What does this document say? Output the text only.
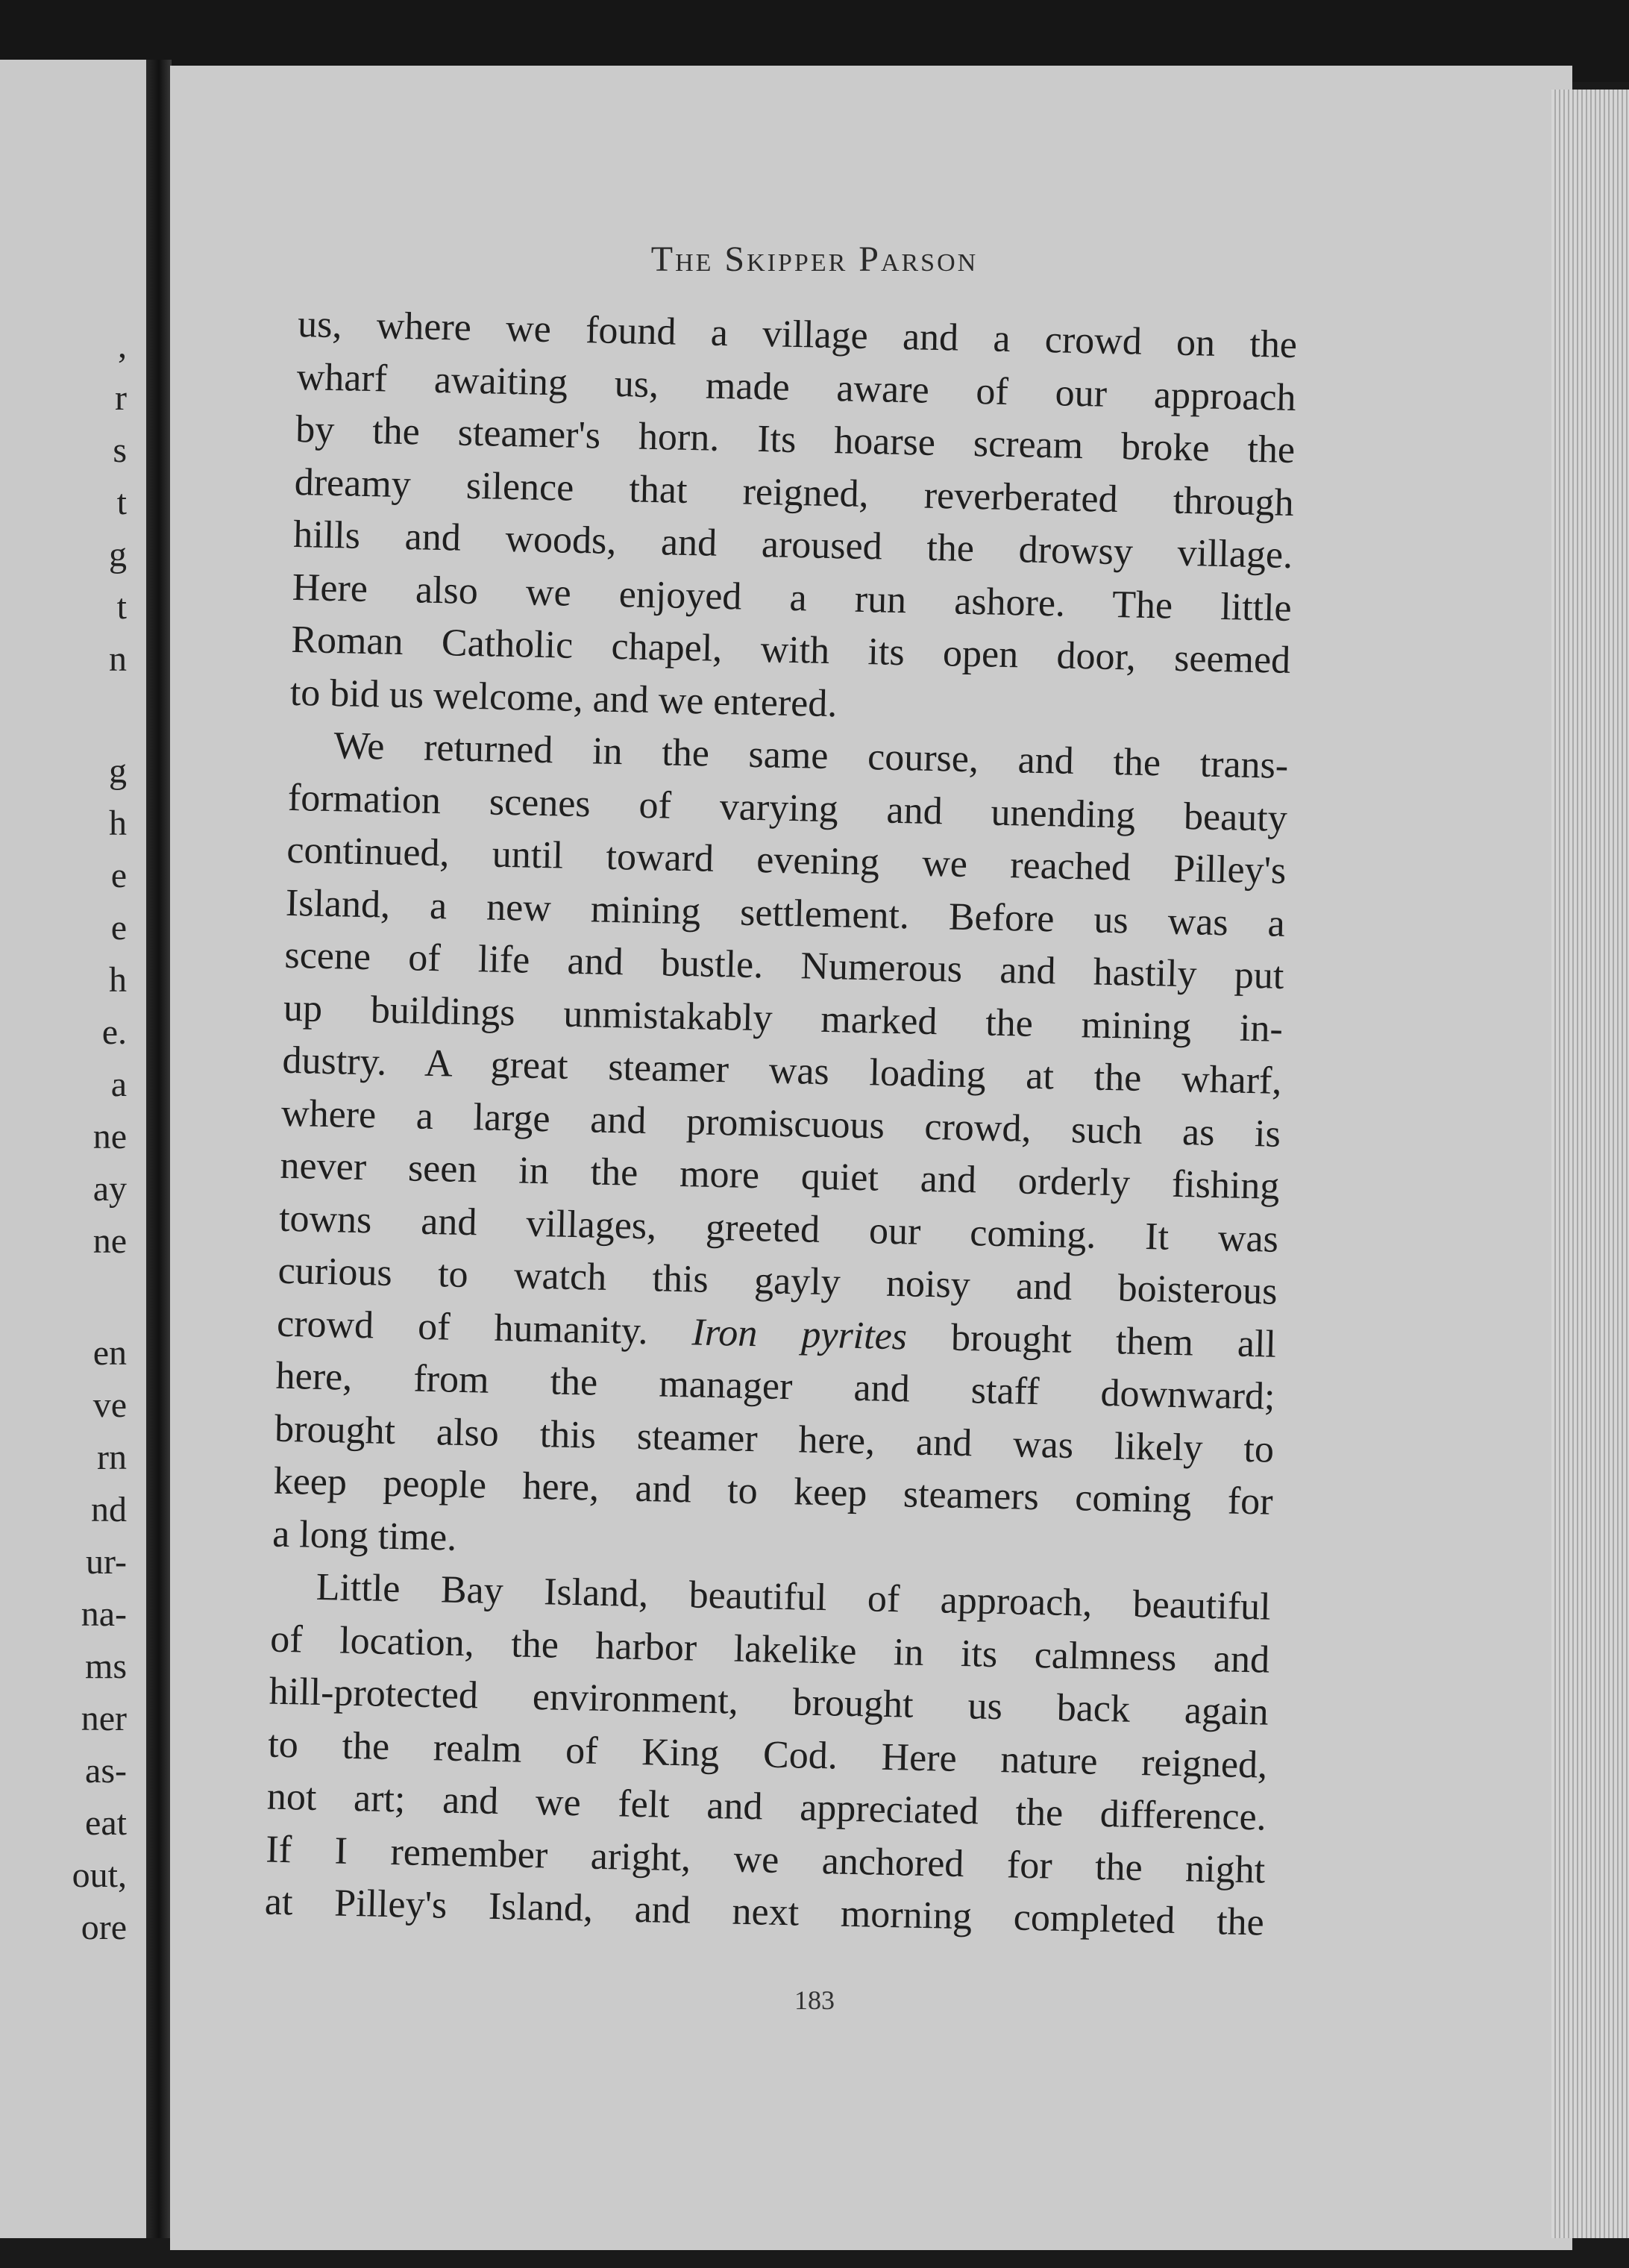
,
r
s
t
g
t
n
g
h
e
e
h
e.
a
ne
ay
ne
en
ve
rn
nd
ur-
na-
ms
ner
as-
eat
out,
ore
The Skipper Parson
us, where we found a village and a crowd on the
wharf awaiting us, made aware of our approach
by the steamer's horn. Its hoarse scream broke the
dreamy silence that reigned, reverberated through
hills and woods, and aroused the drowsy village.
Here also we enjoyed a run ashore. The little
Roman Catholic chapel, with its open door, seemed
to bid us welcome, and we entered.
We returned in the same course, and the trans-
formation scenes of varying and unending beauty
continued, until toward evening we reached Pilley's
Island, a new mining settlement. Before us was a
scene of life and bustle. Numerous and hastily put
up buildings unmistakably marked the mining in-
dustry. A great steamer was loading at the wharf,
where a large and promiscuous crowd, such as is
never seen in the more quiet and orderly fishing
towns and villages, greeted our coming. It was
curious to watch this gayly noisy and boisterous
crowd of humanity. Iron pyrites brought them all
here, from the manager and staff downward;
brought also this steamer here, and was likely to
keep people here, and to keep steamers coming for
a long time.
Little Bay Island, beautiful of approach, beautiful
of location, the harbor lakelike in its calmness and
hill-protected environment, brought us back again
to the realm of King Cod. Here nature reigned,
not art; and we felt and appreciated the difference.
If I remember aright, we anchored for the night
at Pilley's Island, and next morning completed the
183
